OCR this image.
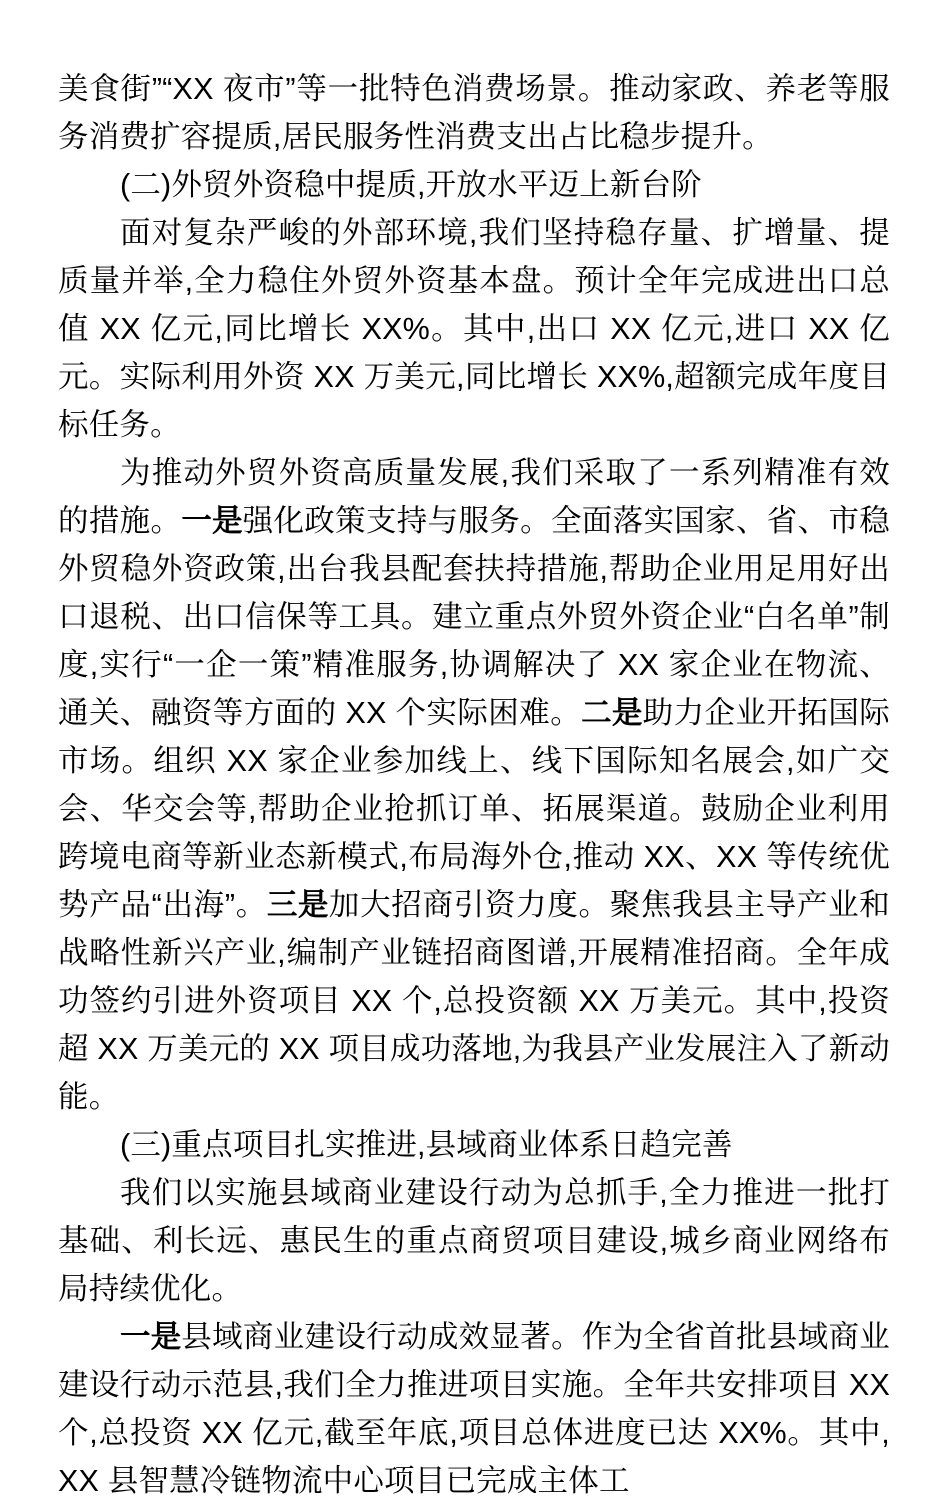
美食街”“XX 夜市”等一批特色消费场景。推动家政、养老等服务消费扩容提质,居民服务性消费支出占比稳步提升。

(二)外贸外资稳中提质,开放水平迈上新台阶

面对复杂严峻的外部环境,我们坚持稳存量、扩增量、提质量并举,全力稳住外贸外资基本盘。预计全年完成进出口总值 XX 亿元,同比增长 XX%。其中,出口 XX 亿元,进口 XX 亿元。实际利用外资 XX 万美元,同比增长 XX%,超额完成年度目标任务。

为推动外贸外资高质量发展,我们采取了一系列精准有效的措施。一是强化政策支持与服务。全面落实国家、省、市稳外贸稳外资政策,出台我县配套扶持措施,帮助企业用足用好出口退税、出口信保等工具。建立重点外贸外资企业“白名单”制度,实行“一企一策”精准服务,协调解决了 XX 家企业在物流、通关、融资等方面的 XX 个实际困难。二是助力企业开拓国际市场。组织 XX 家企业参加线上、线下国际知名展会,如广交会、华交会等,帮助企业抢抓订单、拓展渠道。鼓励企业利用跨境电商等新业态新模式,布局海外仓,推动 XX、XX 等传统优势产品“出海”。三是加大招商引资力度。聚焦我县主导产业和战略性新兴产业,编制产业链招商图谱,开展精准招商。全年成功签约引进外资项目 XX 个,总投资额 XX 万美元。其中,投资超 XX 万美元的 XX 项目成功落地,为我县产业发展注入了新动能。

(三)重点项目扎实推进,县域商业体系日趋完善

我们以实施县域商业建设行动为总抓手,全力推进一批打基础、利长远、惠民生的重点商贸项目建设,城乡商业网络布局持续优化。

一是县域商业建设行动成效显著。作为全省首批县域商业建设行动示范县,我们全力推进项目实施。全年共安排项目 XX 个,总投资 XX 亿元,截至年底,项目总体进度已达 XX%。其中,XX 县智慧冷链物流中心项目已完成主体工
